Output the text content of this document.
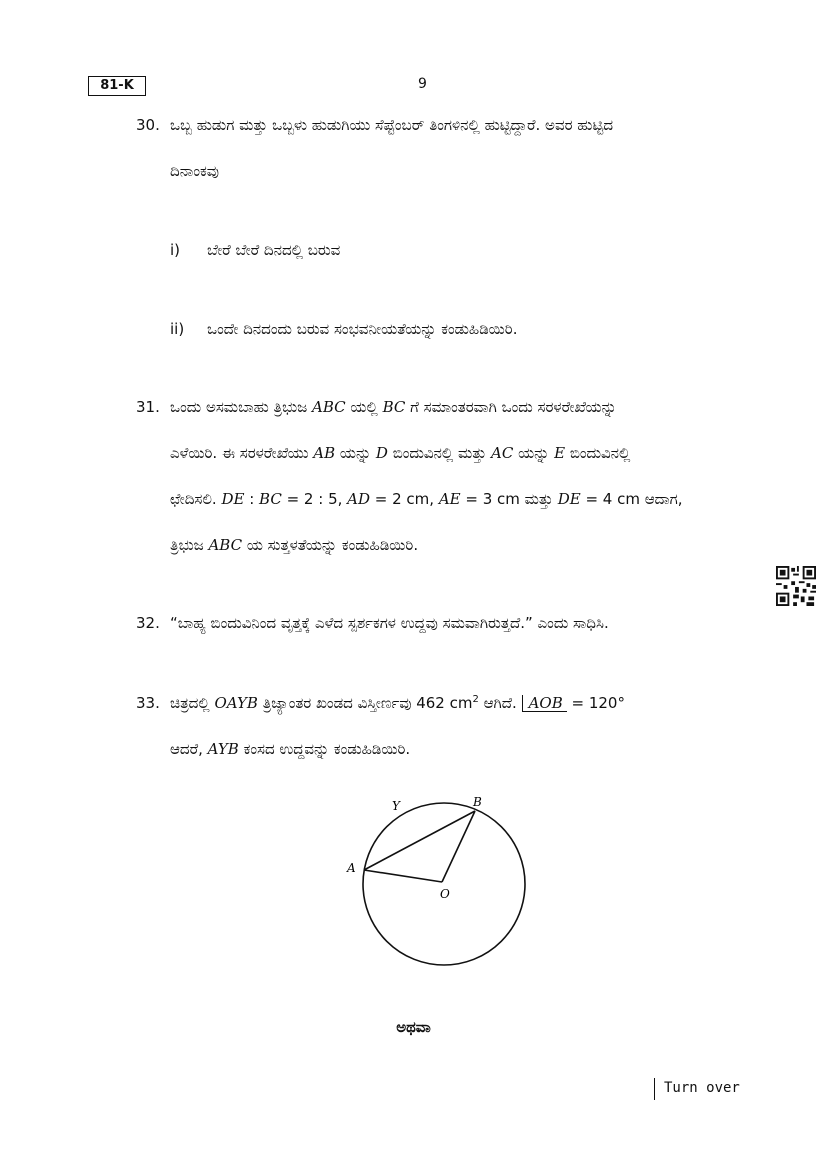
81-K	9
30. ಒಬ್ಬ ಹುಡುಗ ಮತ್ತು ಒಬ್ಬಳು ಹುಡುಗಿಯು ಸೆಪ್ಟೆಂಬರ್ ತಿಂಗಳಿನಲ್ಲಿ ಹುಟ್ಟಿದ್ದಾರೆ. ಅವರ ಹುಟ್ಟಿದ
ದಿನಾಂಕವು
i) ಬೇರೆ ಬೇರೆ ದಿನದಲ್ಲಿ ಬರುವ
ii) ಒಂದೇ ದಿನದಂದು ಬರುವ ಸಂಭವನೀಯತೆಯನ್ನು ಕಂಡುಹಿಡಿಯಿರಿ.
31. ಒಂದು ಅಸಮಬಾಹು ತ್ರಿಭುಜ ABC ಯಲ್ಲಿ BC ಗೆ ಸಮಾಂತರವಾಗಿ ಒಂದು ಸರಳರೇಖೆಯನ್ನು
ಎಳೆಯಿರಿ. ಈ ಸರಳರೇಖೆಯು AB ಯನ್ನು D ಬಿಂದುವಿನಲ್ಲಿ ಮತ್ತು AC ಯನ್ನು E ಬಿಂದುವಿನಲ್ಲಿ
ಛೇದಿಸಲಿ. DE : BC = 2 : 5, AD = 2 cm, AE = 3 cm ಮತ್ತು DE = 4 cm ಆದಾಗ,
ತ್ರಿಭುಜ ABC ಯ ಸುತ್ತಳತೆಯನ್ನು ಕಂಡುಹಿಡಿಯಿರಿ.
32. “ಬಾಹ್ಯ ಬಿಂದುವಿನಿಂದ ವೃತ್ತಕ್ಕೆ ಎಳೆದ ಸ್ಪರ್ಶಕಗಳ ಉದ್ದವು ಸಮವಾಗಿರುತ್ತದೆ.” ಎಂದು ಸಾಧಿಸಿ.
33. ಚಿತ್ರದಲ್ಲಿ OAYB ತ್ರಿಜ್ಯಾಂತರ ಖಂಡದ ವಿಸ್ತೀರ್ಣವು 462 $cm^2$ ಆಗಿದೆ. AOB = 120°
ಆದರೆ, AYB ಕಂಸದ ಉದ್ದವನ್ನು ಕಂಡುಹಿಡಿಯಿರಿ.
Y	B
A
O
ಅಥವಾ
Turn over
